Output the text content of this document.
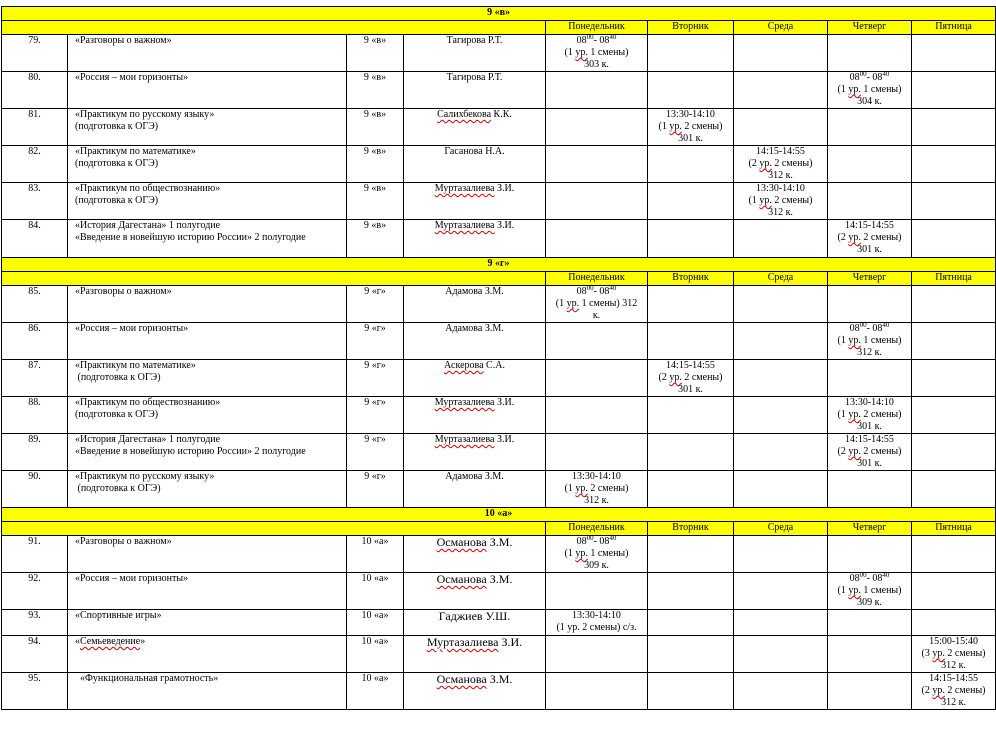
9 «в»								
				Понедельник	Вторник	Среда	Четверг	Пятница
79.	«Разговоры о важном»	9 «в»	Тагирова Р.Т.	$08^{00}-$ $08^{40}$
(1 ур. 1 смены)
303 к.				
80.	«Россия – мои горизонты»	9 «в»	Тагирова Р.Т.				$08^{00}-$ $08^{40}$
(1 ур. 1 смены)
304 к.	
81.	«Практикум по русскому языку»
(подготовка к ОГЭ)	9 «в»	Салихбекова К.К.		13:30-14:10
(1 ур. 2 смены)
301 к.			
82.	«Практикум по математике»
(подготовка к ОГЭ)	9 «в»	Гасанова Н.А.			14:15-14:55
(2 ур. 2 смены)
312 к.		
83.	«Практикум по обществознанию»
(подготовка к ОГЭ)	9 «в»	Муртазалиева З.И.			13:30-14:10
(1 ур. 2 смены)
312 к.		
84.	«История Дагестана» 1 полугодие
«Введение в новейшую историю России» 2 полугодие	9 «в»	Муртазалиева З.И.				14:15-14:55
(2 ур. 2 смены)
301 к.	
9 «г»								
				Понедельник	Вторник	Среда	Четверг	Пятница
85.	«Разговоры о важном»	9 «г»	Адамова З.М.	$08^{00}-$ $08^{40}$
(1 ур. 1 смены) 312
к.				
86.	«Россия – мои горизонты»	9 «г»	Адамова З.М.				$08^{00}-$ $08^{40}$
(1 ур. 1 смены)
312 к.	
87.	«Практикум по математике»
(подготовка к ОГЭ)	9 «г»	Аскерова С.А.		14:15-14:55
(2 ур. 2 смены)
301 к.			
88.	«Практикум по обществознанию»
(подготовка к ОГЭ)	9 «г»	Муртазалиева З.И.				13:30-14:10
(1 ур. 2 смены)
301 к.	
89.	«История Дагестана» 1 полугодие
«Введение в новейшую историю России» 2 полугодие	9 «г»	Муртазалиева З.И.				14:15-14:55
(2 ур. 2 смены)
301 к.	
90.	«Практикум по русскому языку»
(подготовка к ОГЭ)	9 «г»	Адамова З.М.	13:30-14:10
(1 ур. 2 смены)
312 к.				
10 «а»								
				Понедельник	Вторник	Среда	Четверг	Пятница
91.	«Разговоры о важном»	10 «а»	Османова З.М.	$08^{00}-$ $08^{40}$
(1 ур. 1 смены)
309 к.				
92.	«Россия – мои горизонты»	10 «а»	Османова З.М.				$08^{00}-$ $08^{40}$
(1 ур. 1 смены)
309 к.	
93.	«Спортивные игры»	10 «а»	Гаджиев У.Ш.	13:30-14:10
(1 ур. 2 смены) с/з.				
94.	«Семьеведение»	10 «а»	Муртазалиева З.И.					15:00-15:40
(3 ур. 2 смены)
312 к.
95.	«Функциональная грамотность»	10 «а»	Османова З.М.					14:15-14:55
(2 ур. 2 смены)
312 к.
